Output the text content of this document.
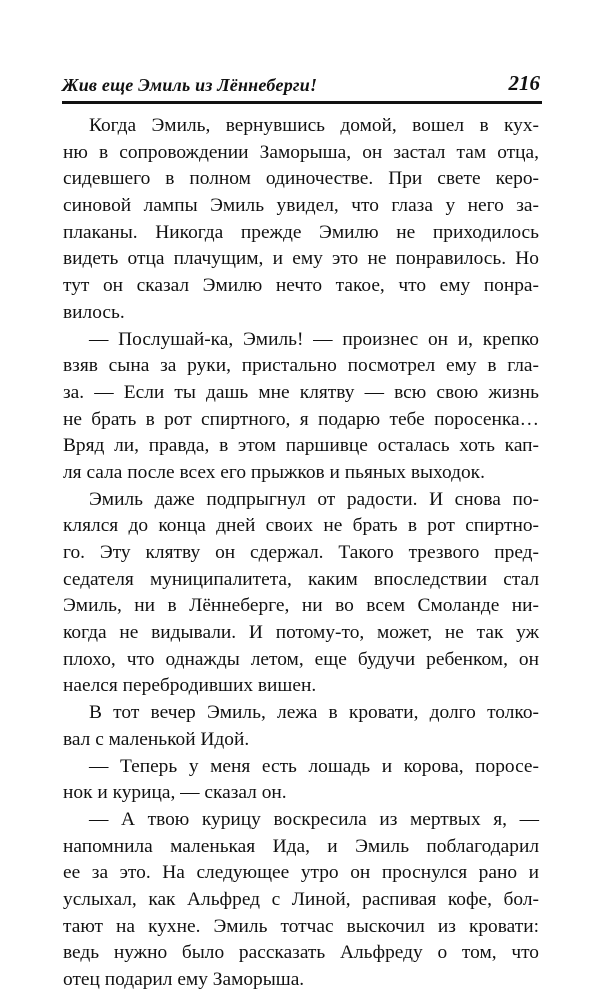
Жив еще Эмиль из Лённеберги!	216
Когда Эмиль, вернувшись домой, вошел в кух-
ню в сопровождении Заморыша, он застал там отца,
сидевшего в полном одиночестве. При свете керо-
синовой лампы Эмиль увидел, что глаза у него за-
плаканы. Никогда прежде Эмилю не приходилось
видеть отца плачущим, и ему это не понравилось. Но
тут он сказал Эмилю нечто такое, что ему понра-
вилось.
— Послушай-ка, Эмиль! — произнес он и, крепко
взяв сына за руки, пристально посмотрел ему в гла-
за. — Если ты дашь мне клятву — всю свою жизнь
не брать в рот спиртного, я подарю тебе поросенка…
Вряд ли, правда, в этом паршивце осталась хоть кап-
ля сала после всех его прыжков и пьяных выходок.
Эмиль даже подпрыгнул от радости. И снова по-
клялся до конца дней своих не брать в рот спиртно-
го. Эту клятву он сдержал. Такого трезвого пред-
седателя муниципалитета, каким впоследствии стал
Эмиль, ни в Лённеберге, ни во всем Смоланде ни-
когда не видывали. И потому-то, может, не так уж
плохо, что однажды летом, еще будучи ребенком, он
наелся перебродивших вишен.
В тот вечер Эмиль, лежа в кровати, долго толко-
вал с маленькой Идой.
— Теперь у меня есть лошадь и корова, поросе-
нок и курица, — сказал он.
— А твою курицу воскресила из мертвых я, —
напомнила маленькая Ида, и Эмиль поблагодарил
ее за это. На следующее утро он проснулся рано и
услыхал, как Альфред с Линой, распивая кофе, бол-
тают на кухне. Эмиль тотчас выскочил из кровати:
ведь нужно было рассказать Альфреду о том, что
отец подарил ему Заморыша.
